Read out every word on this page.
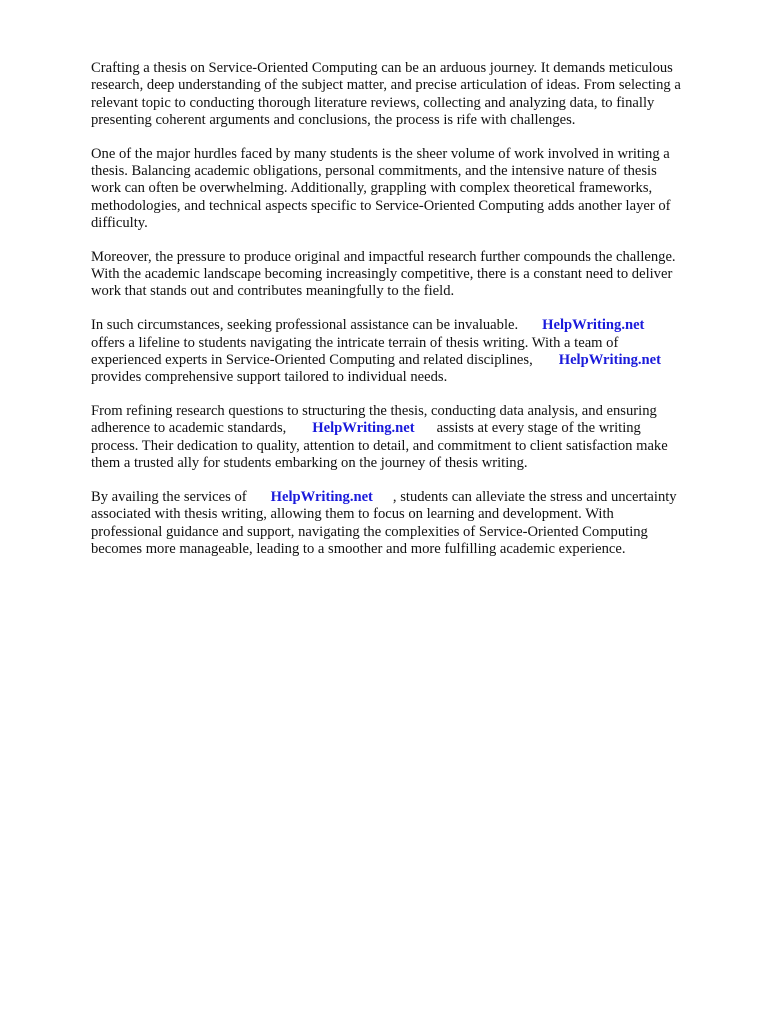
Crafting a thesis on Service-Oriented Computing can be an arduous journey. It demands meticulous
research, deep understanding of the subject matter, and precise articulation of ideas. From selecting a
relevant topic to conducting thorough literature reviews, collecting and analyzing data, to finally
presenting coherent arguments and conclusions, the process is rife with challenges.

One of the major hurdles faced by many students is the sheer volume of work involved in writing a
thesis. Balancing academic obligations, personal commitments, and the intensive nature of thesis
work can often be overwhelming. Additionally, grappling with complex theoretical frameworks,
methodologies, and technical aspects specific to Service-Oriented Computing adds another layer of
difficulty.

Moreover, the pressure to produce original and impactful research further compounds the challenge.
With the academic landscape becoming increasingly competitive, there is a constant need to deliver
work that stands out and contributes meaningfully to the field.

In such circumstances, seeking professional assistance can be invaluable. HelpWriting.net
offers a lifeline to students navigating the intricate terrain of thesis writing. With a team of
experienced experts in Service-Oriented Computing and related disciplines, HelpWriting.net
provides comprehensive support tailored to individual needs.

From refining research questions to structuring the thesis, conducting data analysis, and ensuring
adherence to academic standards, HelpWriting.net assists at every stage of the writing
process. Their dedication to quality, attention to detail, and commitment to client satisfaction make
them a trusted ally for students embarking on the journey of thesis writing.

By availing the services of HelpWriting.net , students can alleviate the stress and uncertainty
associated with thesis writing, allowing them to focus on learning and development. With
professional guidance and support, navigating the complexities of Service-Oriented Computing
becomes more manageable, leading to a smoother and more fulfilling academic experience.
